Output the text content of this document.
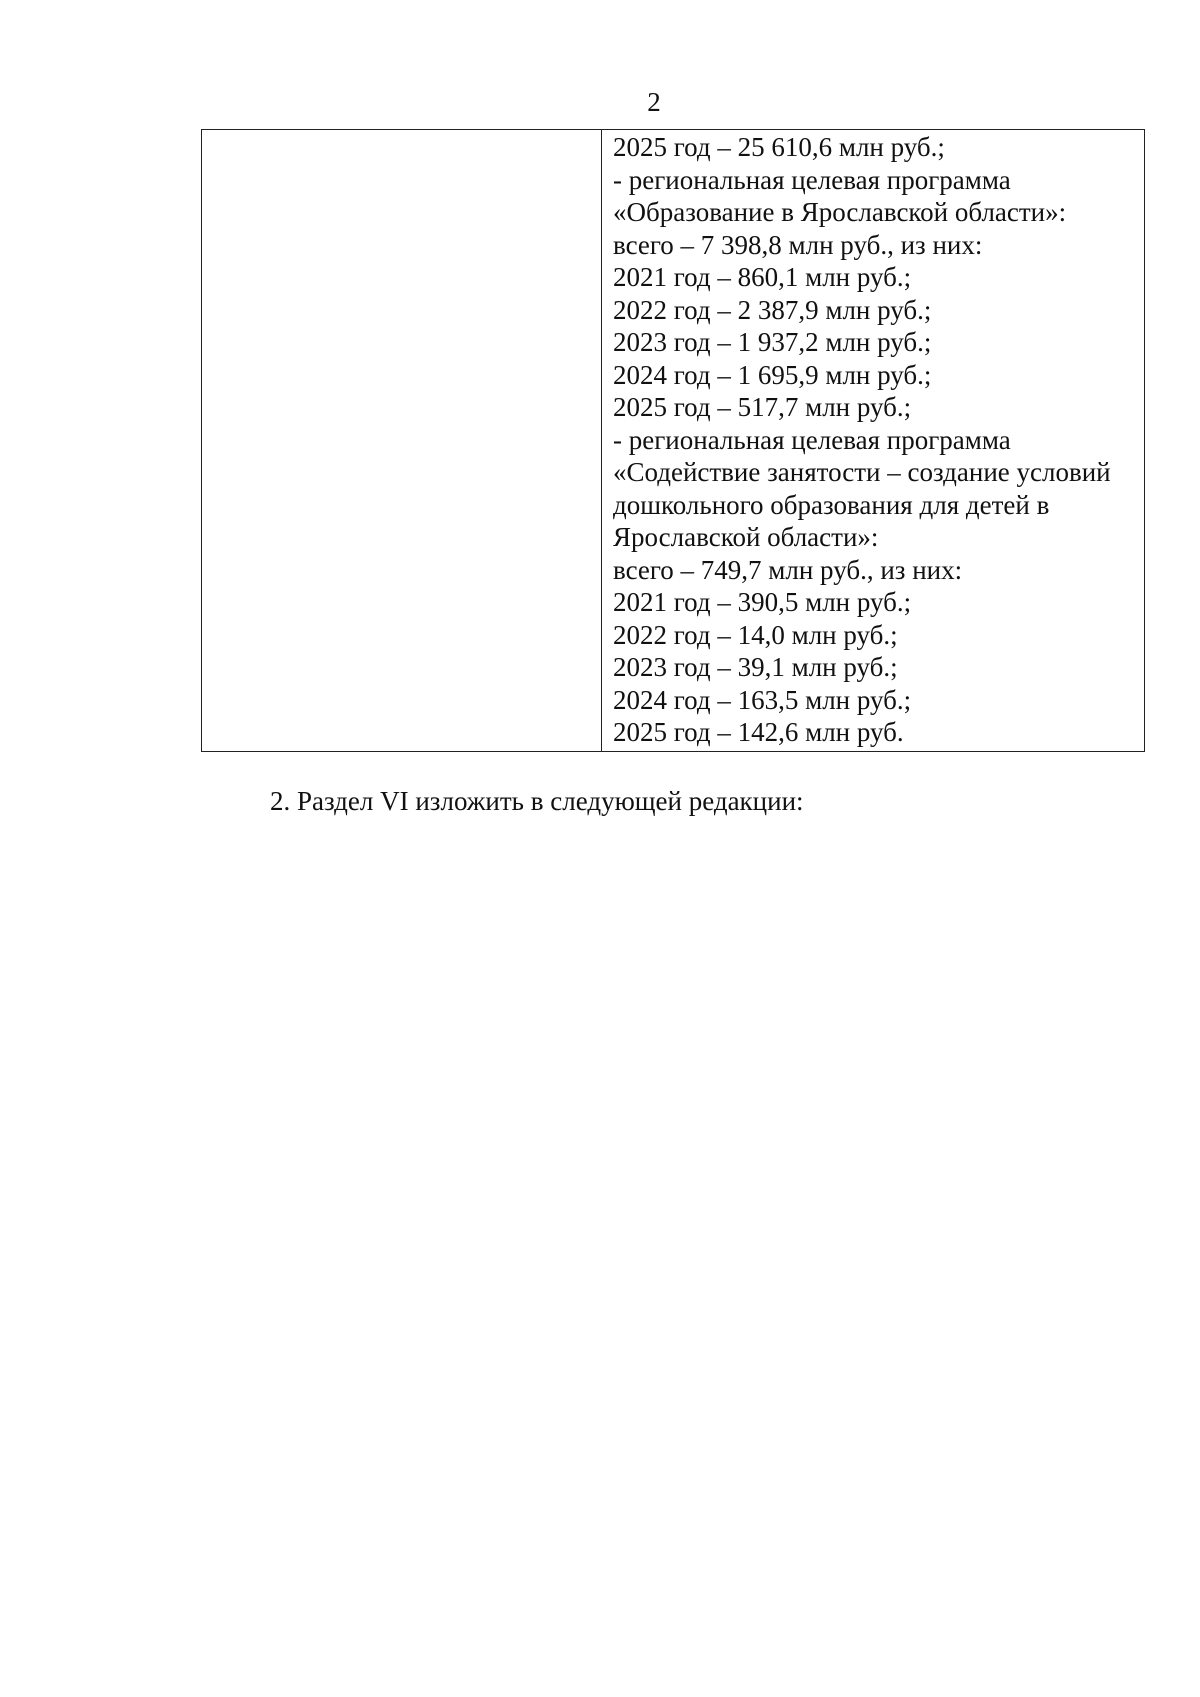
2
2025 год – 25 610,6 млн руб.;
- региональная целевая программа
«Образование в Ярославской области»:
всего – 7 398,8 млн руб., из них:
2021 год – 860,1 млн руб.;
2022 год – 2 387,9 млн руб.;
2023 год – 1 937,2 млн руб.;
2024 год – 1 695,9 млн руб.;
2025 год – 517,7 млн руб.;
- региональная целевая программа
«Содействие занятости – создание условий
дошкольного образования для детей в
Ярославской области»:
всего – 749,7 млн руб., из них:
2021 год – 390,5 млн руб.;
2022 год – 14,0 млн руб.;
2023 год – 39,1 млн руб.;
2024 год – 163,5 млн руб.;
2025 год – 142,6 млн руб.
2. Раздел VI изложить в следующей редакции:
